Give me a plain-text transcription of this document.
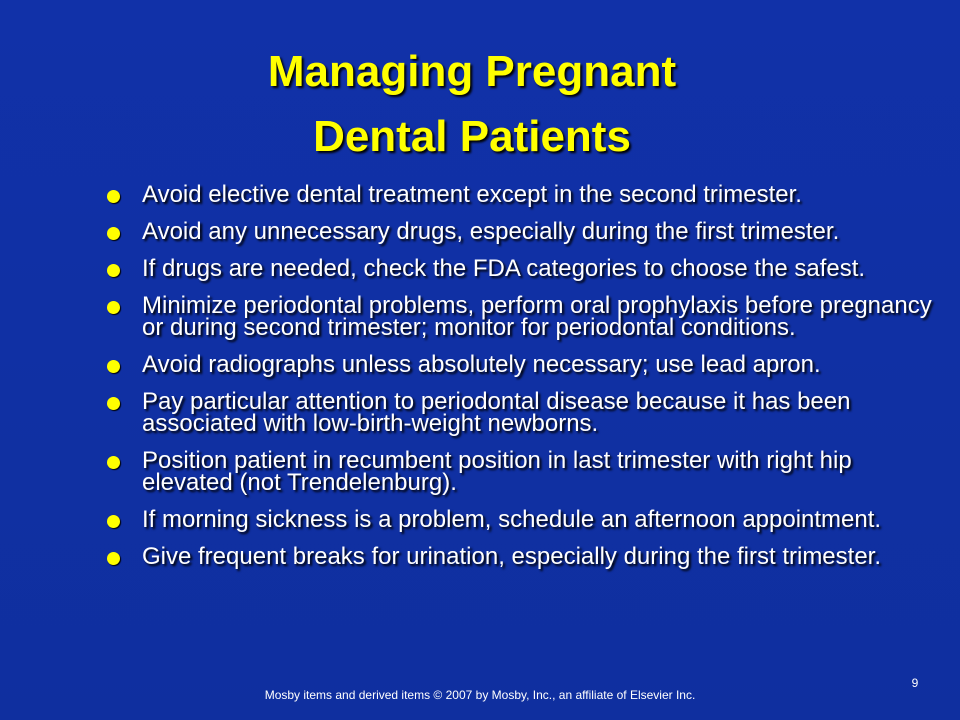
Managing Pregnant
Dental Patients
Avoid elective dental treatment except in the second trimester.
Avoid any unnecessary drugs, especially during the first trimester.
If drugs are needed, check the FDA categories to choose the safest.
Minimize periodontal problems, perform oral prophylaxis before pregnancy or during second trimester; monitor for periodontal conditions.
Avoid radiographs unless absolutely necessary; use lead apron.
Pay particular attention to periodontal disease because it has been associated with low-birth-weight newborns.
Position patient in recumbent position in last trimester with right hip elevated (not Trendelenburg).
If morning sickness is a problem, schedule an afternoon appointment.
Give frequent breaks for urination, especially during the first trimester.
Mosby items and derived items © 2007 by Mosby, Inc., an affiliate of Elsevier Inc.
9
